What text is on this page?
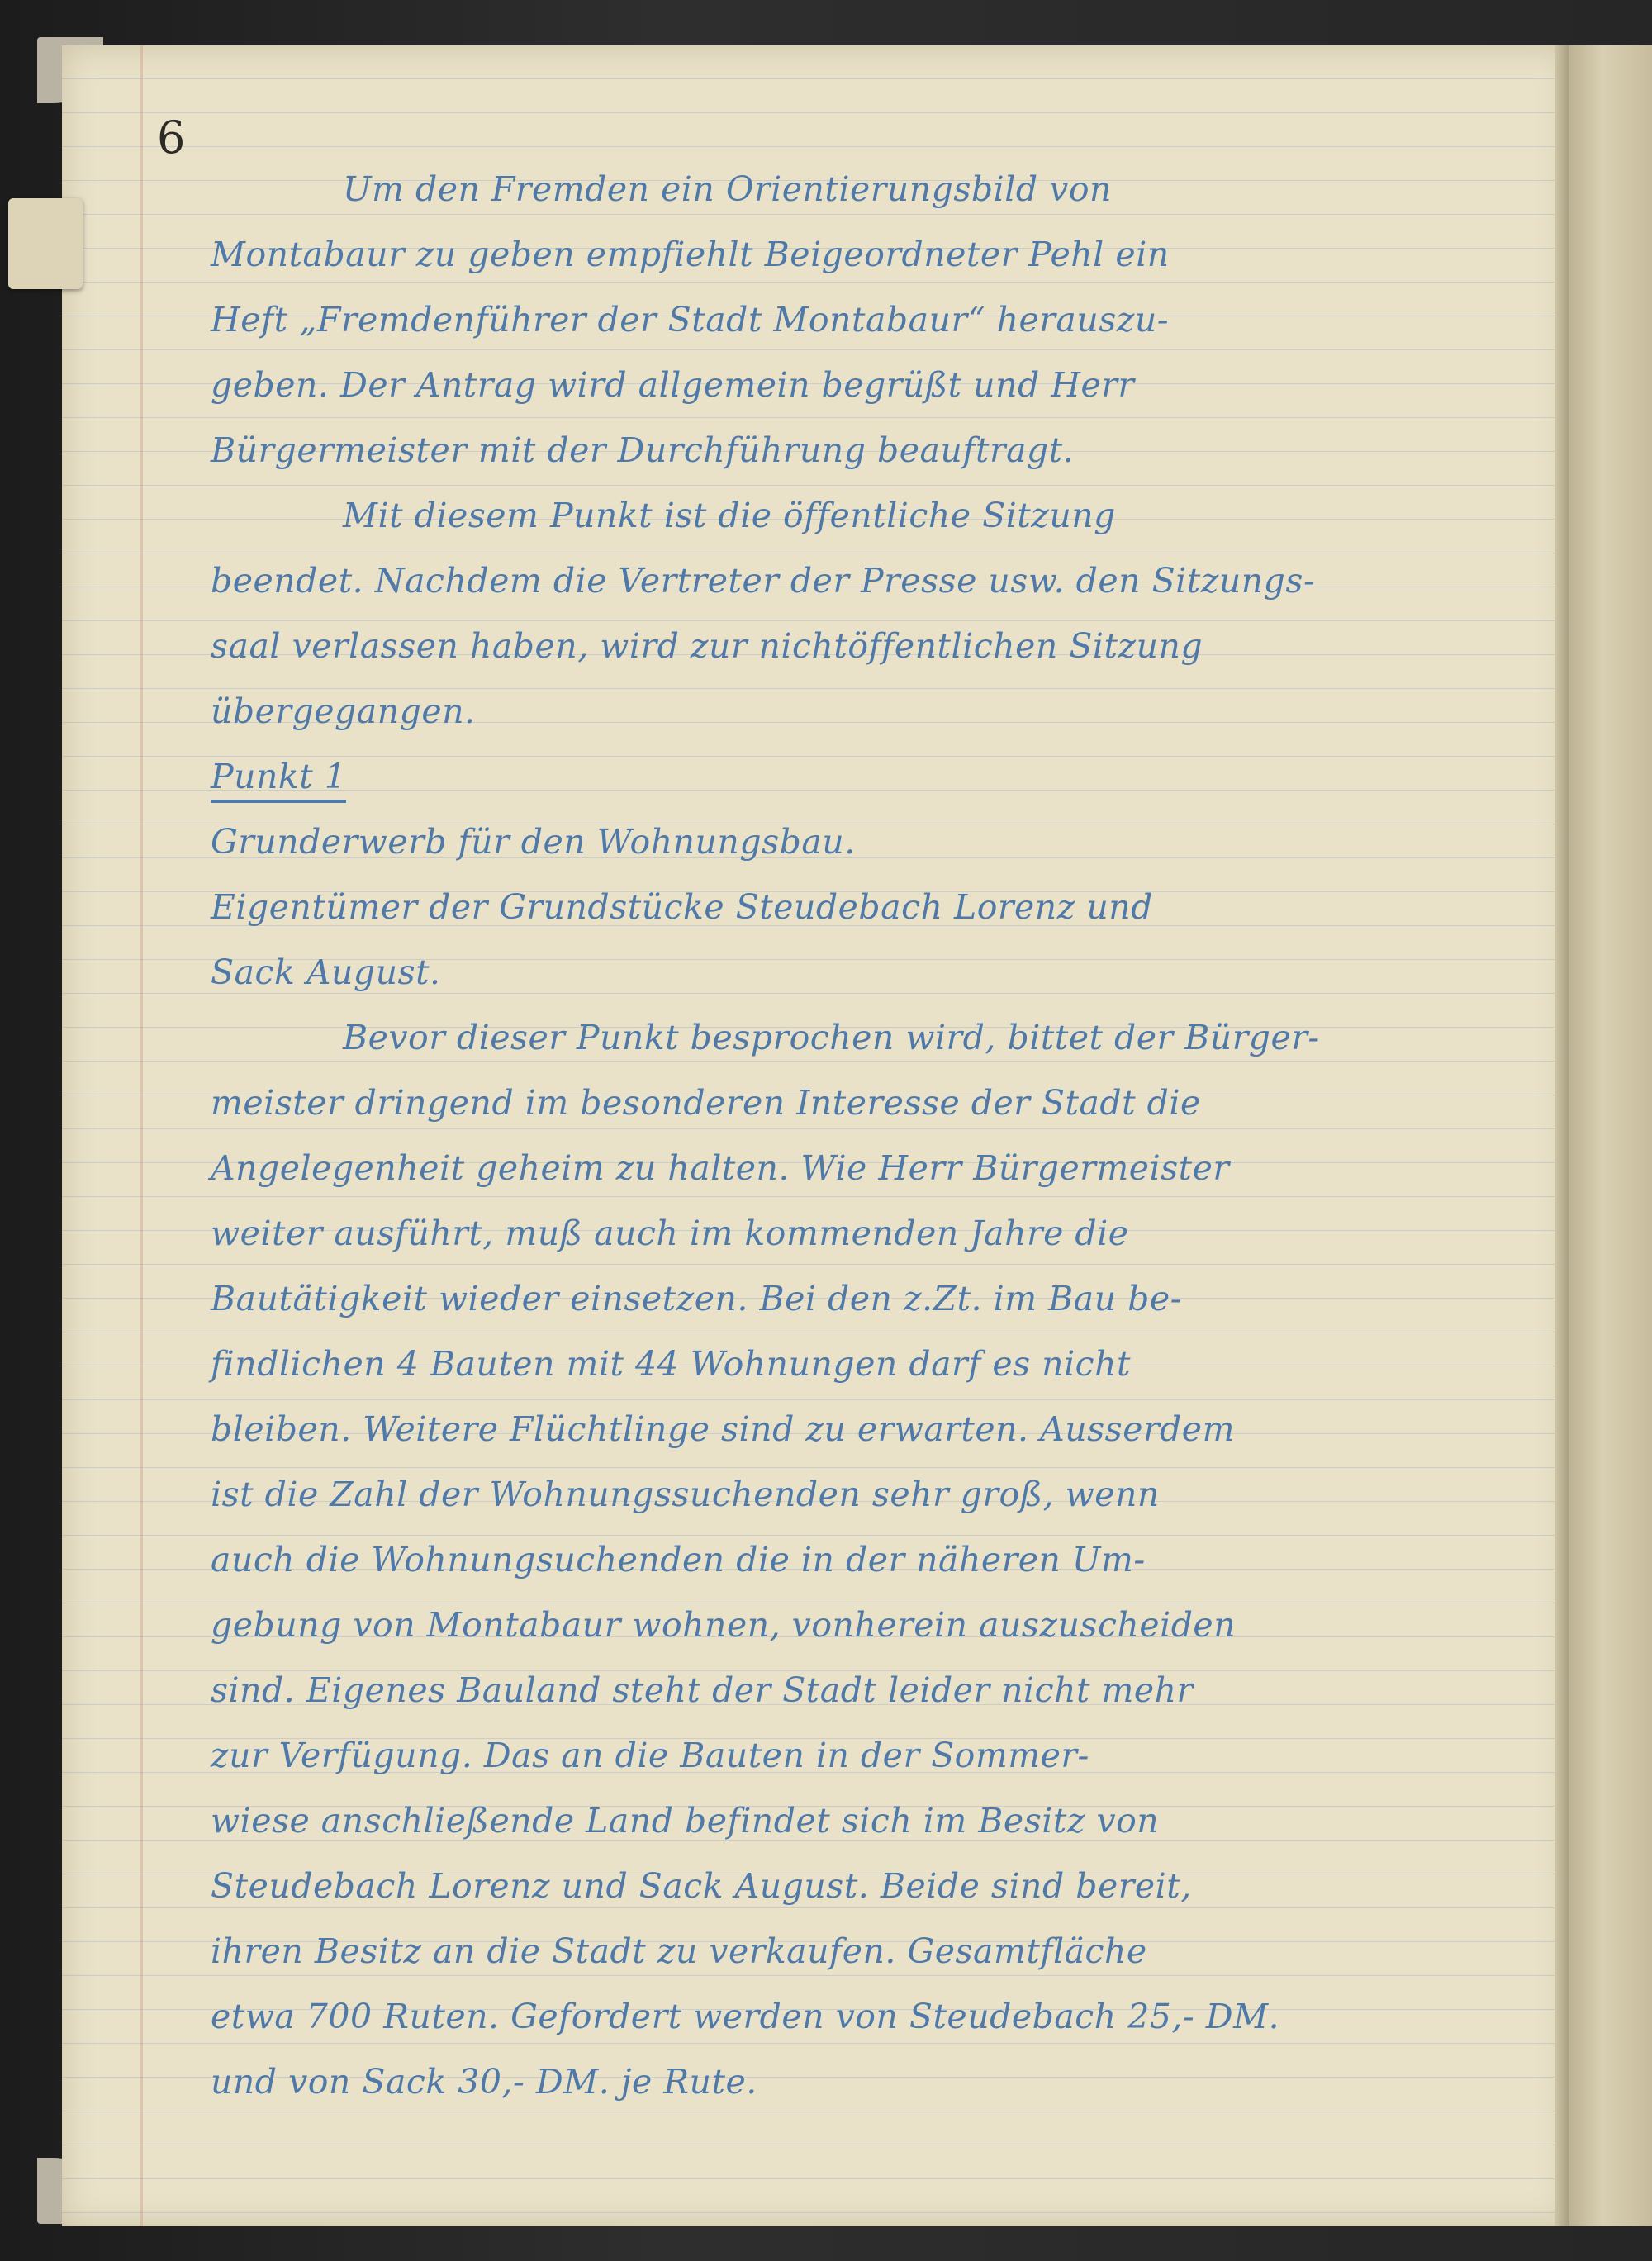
6
Um den Fremden ein Orientierungsbild von
Montabaur zu geben empfiehlt Beigeordneter Pehl ein
Heft „Fremdenführer der Stadt Montabaur“ herauszu-
geben. Der Antrag wird allgemein begrüßt und Herr
Bürgermeister mit der Durchführung beauftragt.
Mit diesem Punkt ist die öffentliche Sitzung
beendet. Nachdem die Vertreter der Presse usw. den Sitzungs-
saal verlassen haben, wird zur nichtöffentlichen Sitzung
übergegangen.
Punkt 1
Grunderwerb für den Wohnungsbau.
Eigentümer der Grundstücke Steudebach Lorenz und
Sack August.
Bevor dieser Punkt besprochen wird, bittet der Bürger-
meister dringend im besonderen Interesse der Stadt die
Angelegenheit geheim zu halten. Wie Herr Bürgermeister
weiter ausführt, muß auch im kommenden Jahre die
Bautätigkeit wieder einsetzen. Bei den z.Zt. im Bau be-
findlichen 4 Bauten mit 44 Wohnungen darf es nicht
bleiben. Weitere Flüchtlinge sind zu erwarten. Ausserdem
ist die Zahl der Wohnungssuchenden sehr groß, wenn
auch die Wohnungsuchenden die in der näheren Um-
gebung von Montabaur wohnen, vonherein auszuscheiden
sind. Eigenes Bauland steht der Stadt leider nicht mehr
zur Verfügung. Das an die Bauten in der Sommer-
wiese anschließende Land befindet sich im Besitz von
Steudebach Lorenz und Sack August. Beide sind bereit,
ihren Besitz an die Stadt zu verkaufen. Gesamtfläche
etwa 700 Ruten. Gefordert werden von Steudebach 25,- DM.
und von Sack 30,- DM. je Rute.
